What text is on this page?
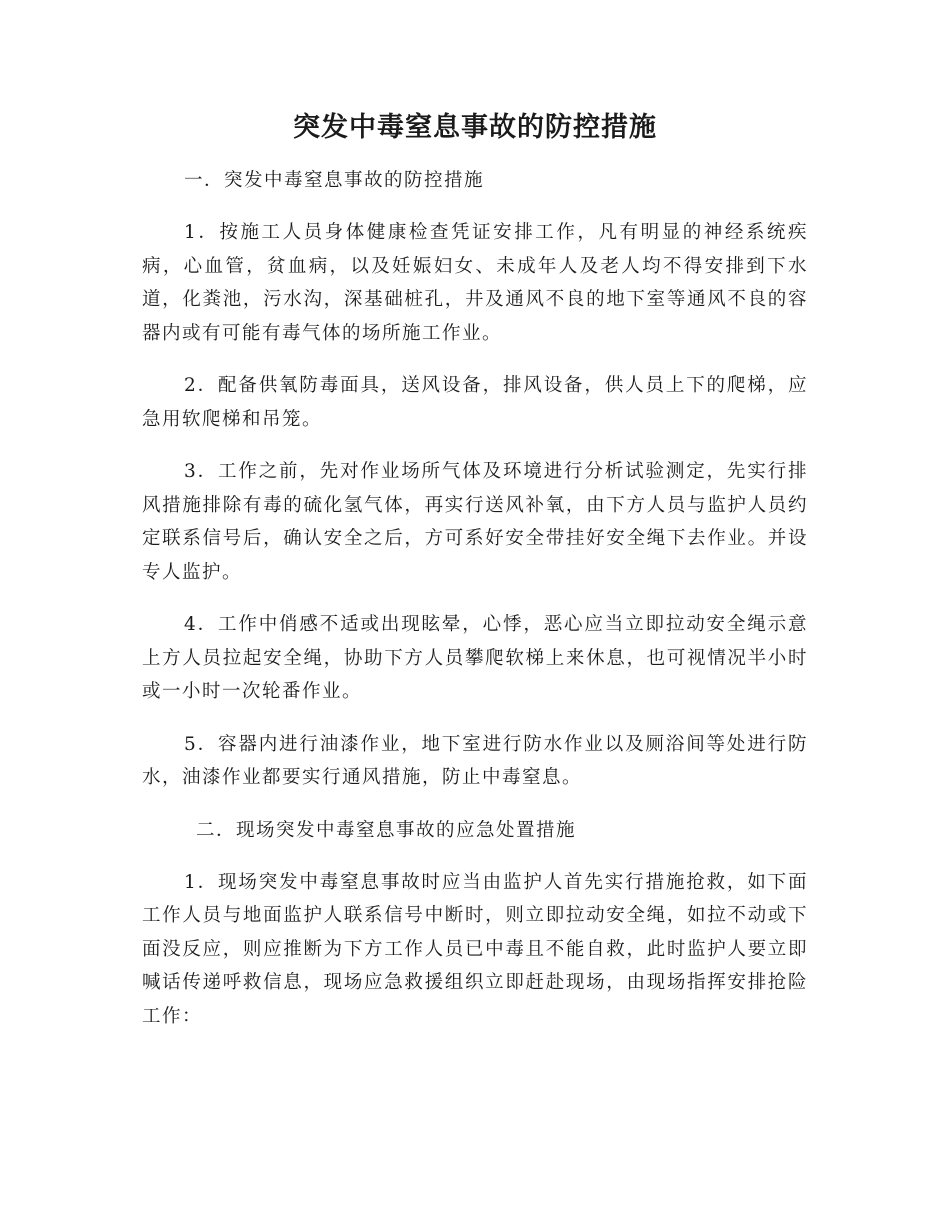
突发中毒窒息事故的防控措施

一．突发中毒窒息事故的防控措施

1．按施工人员身体健康检查凭证安排工作，凡有明显的神经系统疾病，心血管，贫血病，以及妊娠妇女、未成年人及老人均不得安排到下水道，化粪池，污水沟，深基础桩孔，井及通风不良的地下室等通风不良的容器内或有可能有毒气体的场所施工作业。

2．配备供氧防毒面具，送风设备，排风设备，供人员上下的爬梯，应急用软爬梯和吊笼。

3．工作之前，先对作业场所气体及环境进行分析试验测定，先实行排风措施排除有毒的硫化氢气体，再实行送风补氧，由下方人员与监护人员约定联系信号后，确认安全之后，方可系好安全带挂好安全绳下去作业。并设专人监护。

4．工作中俏感不适或出现眩晕，心悸，恶心应当立即拉动安全绳示意上方人员拉起安全绳，协助下方人员攀爬软梯上来休息，也可视情况半小时或一小时一次轮番作业。

5．容器内进行油漆作业，地下室进行防水作业以及厕浴间等处进行防水，油漆作业都要实行通风措施，防止中毒窒息。

二．现场突发中毒窒息事故的应急处置措施

1．现场突发中毒窒息事故时应当由监护人首先实行措施抢救，如下面工作人员与地面监护人联系信号中断时，则立即拉动安全绳，如拉不动或下面没反应，则应推断为下方工作人员已中毒且不能自救，此时监护人要立即喊话传递呼救信息，现场应急救援组织立即赶赴现场，由现场指挥安排抢险工作：
